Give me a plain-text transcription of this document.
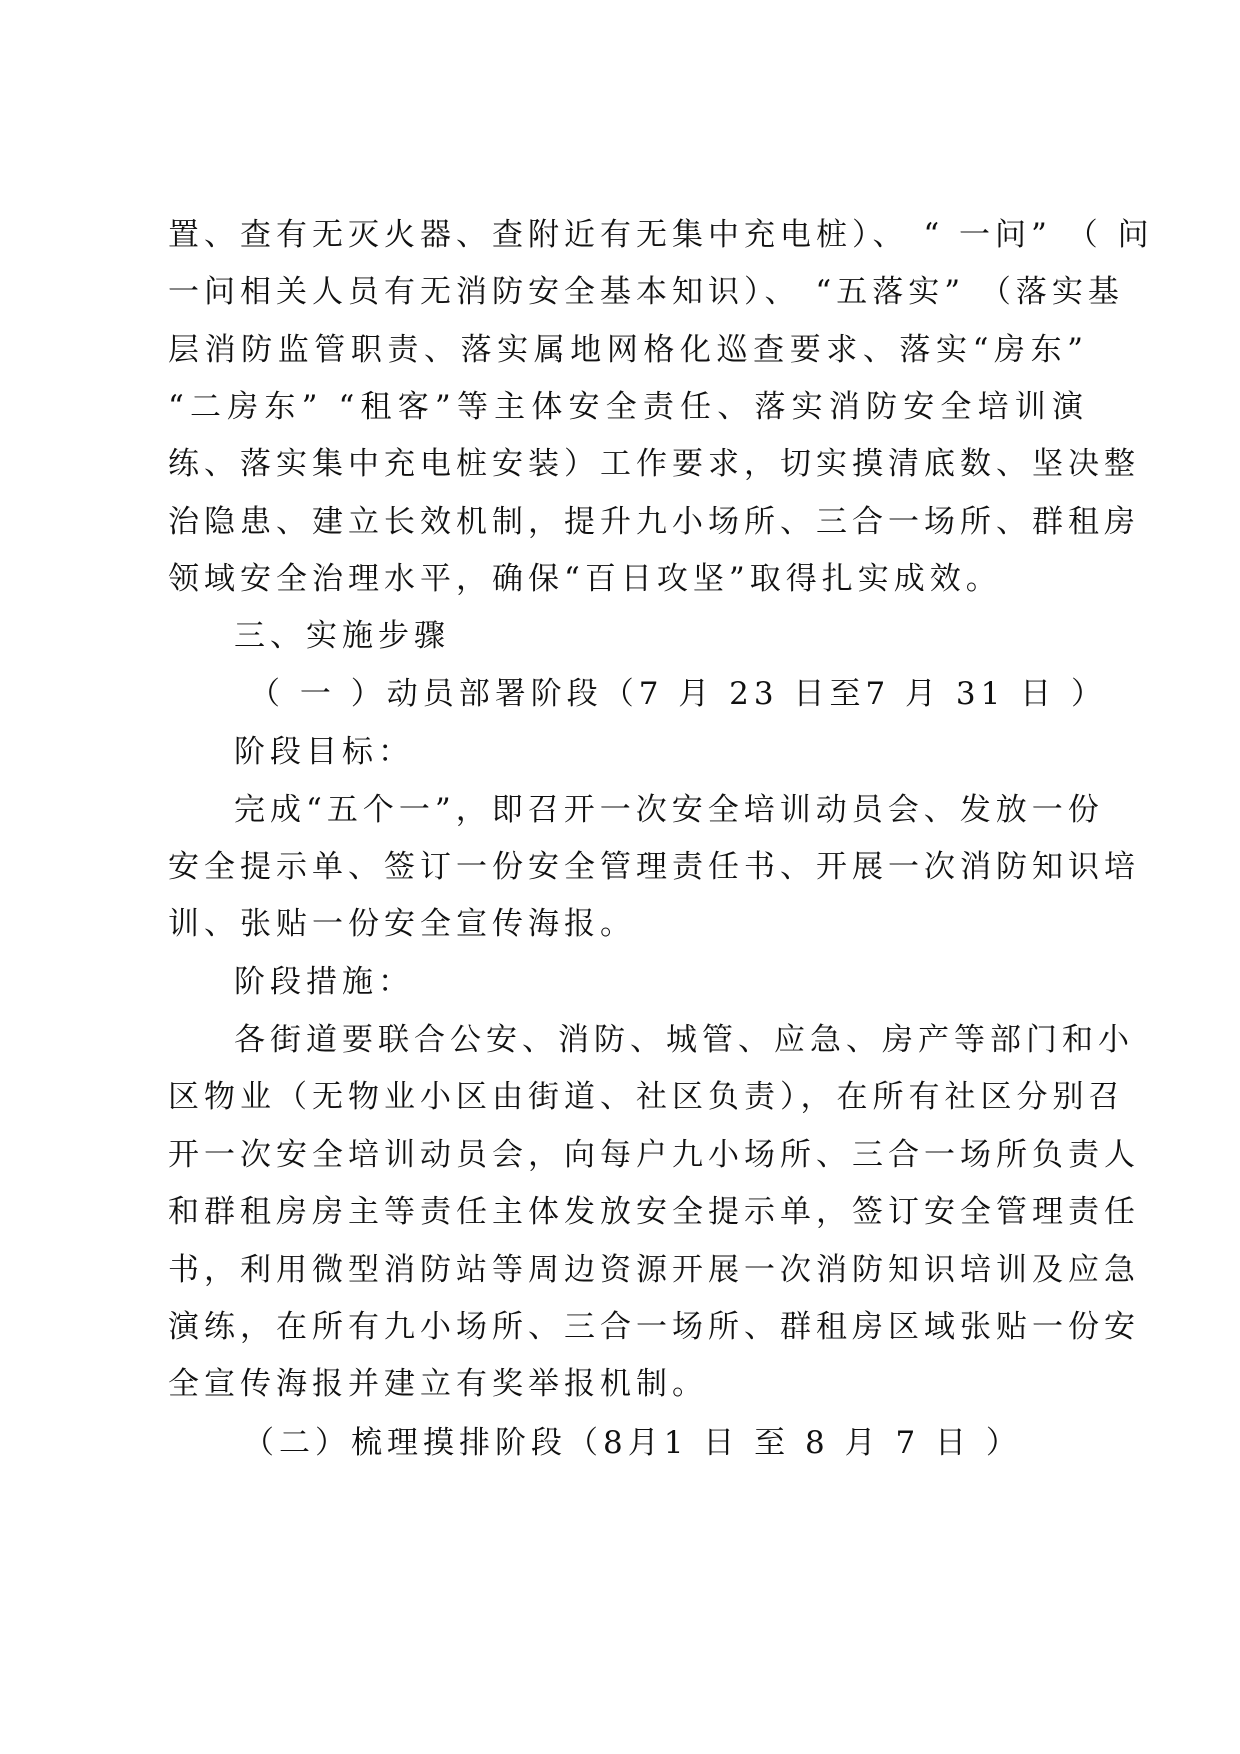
置、查有无灭火器、查附近有无集中充电桩）、 “ 一问” （ 问
一问相关人员有无消防安全基本知识）、 “五落实” （落实基
层消防监管职责、落实属地网格化巡查要求、落实“房东”
“二房东” “租客”等主体安全责任、落实消防安全培训演
练、落实集中充电桩安装）工作要求，切实摸清底数、坚决整
治隐患、建立长效机制，提升九小场所、三合一场所、群租房
领域安全治理水平，确保“百日攻坚”取得扎实成效。
三、实施步骤
（ 一 ）动员部署阶段（7 月 23 日至7 月 31 日 ）
阶段目标：
完成“五个一”，即召开一次安全培训动员会、发放一份
安全提示单、签订一份安全管理责任书、开展一次消防知识培
训、张贴一份安全宣传海报。
阶段措施：
各街道要联合公安、消防、城管、应急、房产等部门和小
区物业（无物业小区由街道、社区负责），在所有社区分别召
开一次安全培训动员会，向每户九小场所、三合一场所负责人
和群租房房主等责任主体发放安全提示单，签订安全管理责任
书，利用微型消防站等周边资源开展一次消防知识培训及应急
演练，在所有九小场所、三合一场所、群租房区域张贴一份安
全宣传海报并建立有奖举报机制。
（二）梳理摸排阶段（8月1 日 至 8 月 7 日 ）
